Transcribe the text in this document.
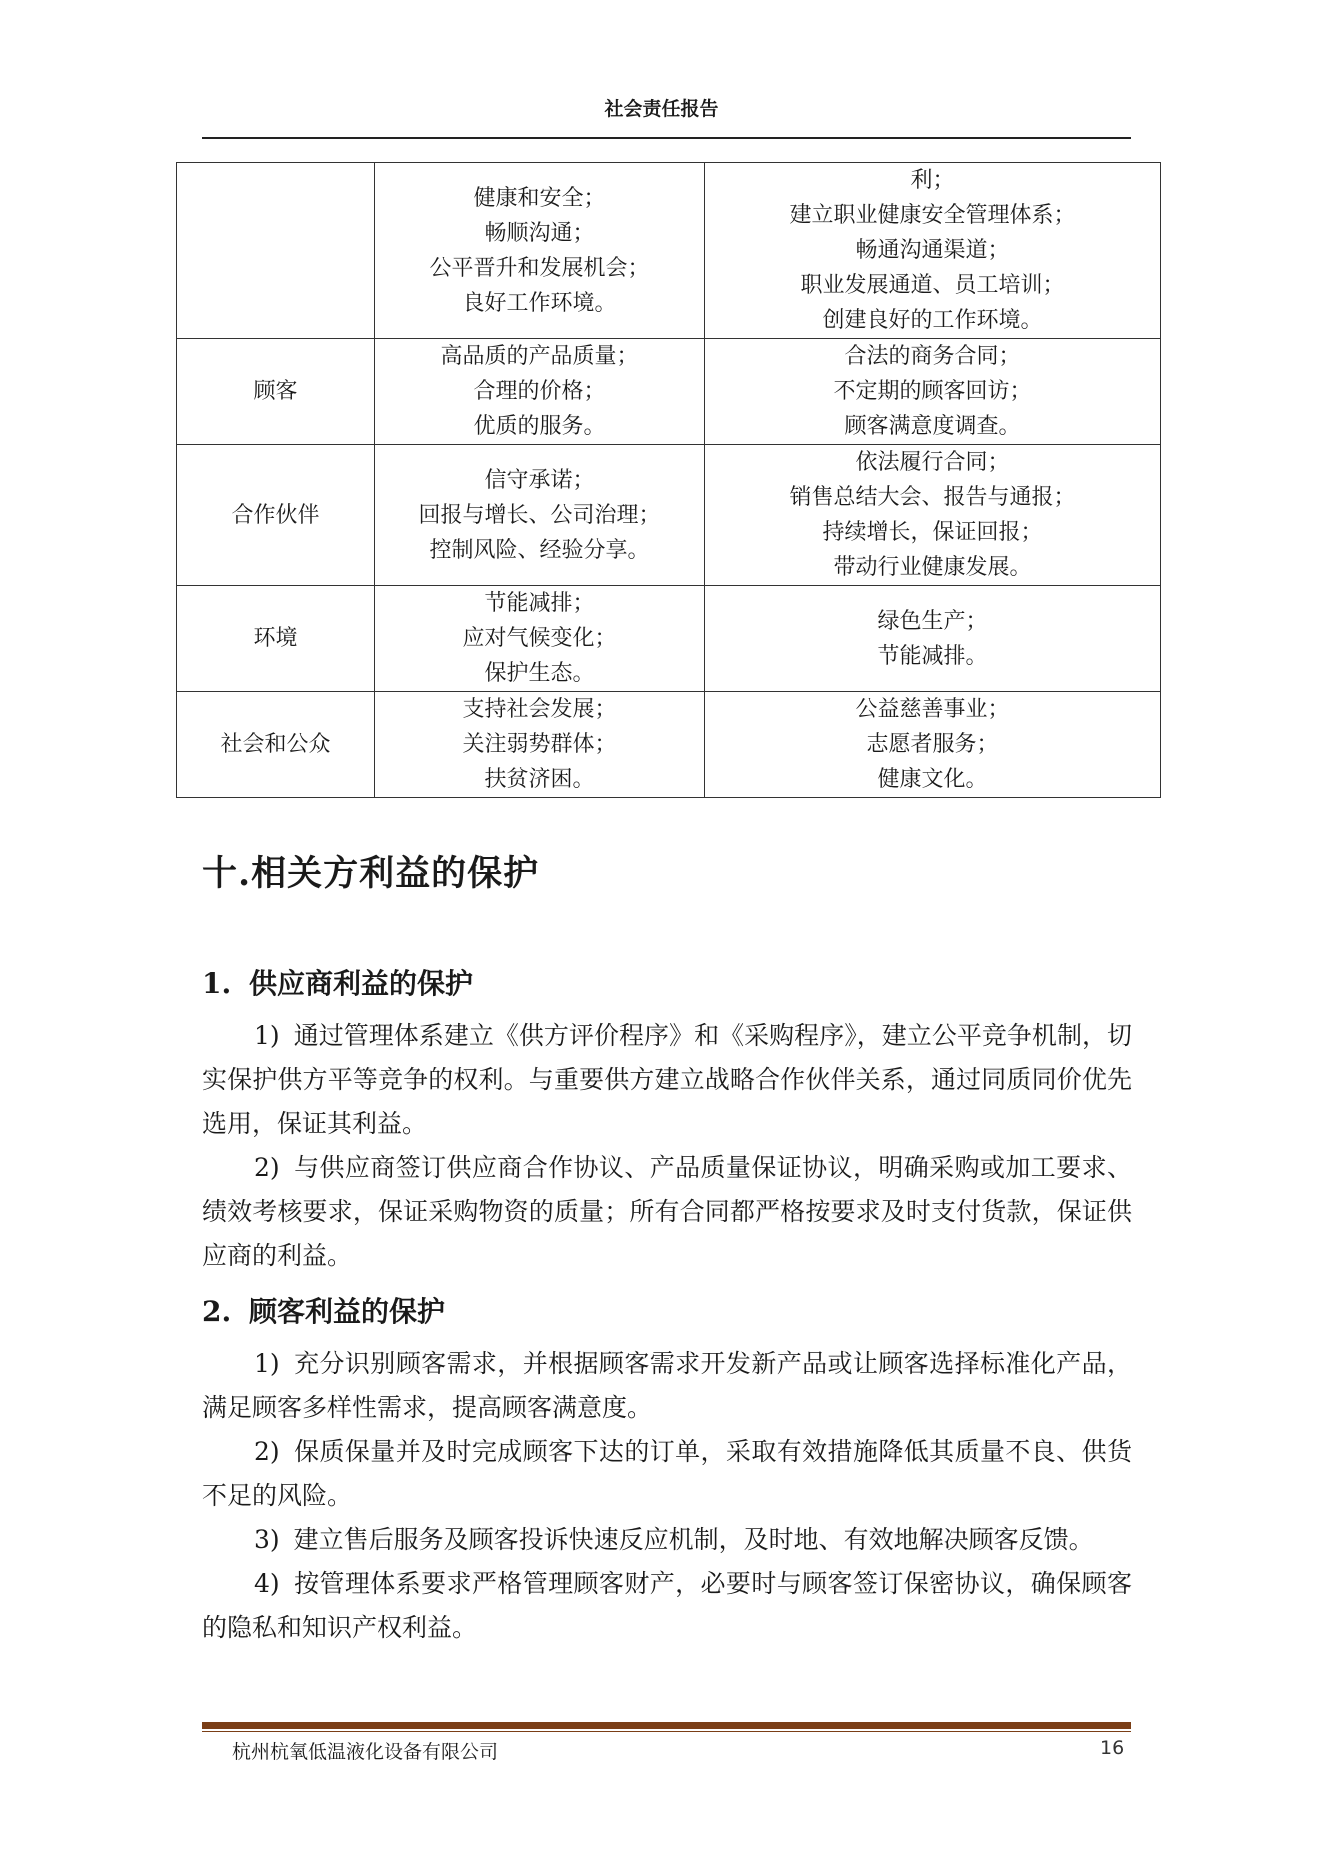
社会责任报告

	健康和安全；
畅顺沟通；
公平晋升和发展机会；
良好工作环境。	利；
建立职业健康安全管理体系；
畅通沟通渠道；
职业发展通道、员工培训；
创建良好的工作环境。

顾客	高品质的产品质量；
合理的价格；
优质的服务。	合法的商务合同；
不定期的顾客回访；
顾客满意度调查。

合作伙伴	信守承诺；
回报与增长、公司治理；
控制风险、经验分享。	依法履行合同；
销售总结大会、报告与通报；
持续增长，保证回报；
带动行业健康发展。

环境	节能减排；
应对气候变化；
保护生态。	绿色生产；
节能减排。

社会和公众	支持社会发展；
关注弱势群体；
扶贫济困。	公益慈善事业；
志愿者服务；
健康文化。
十.相关方利益的保护
1. 供应商利益的保护

1) 通过管理体系建立《供方评价程序》和《采购程序》，建立公平竞争机制，切实保护供方平等竞争的权利。与重要供方建立战略合作伙伴关系，通过同质同价优先选用，保证其利益。

2) 与供应商签订供应商合作协议、产品质量保证协议，明确采购或加工要求、绩效考核要求，保证采购物资的质量；所有合同都严格按要求及时支付货款，保证供应商的利益。

2. 顾客利益的保护

1) 充分识别顾客需求，并根据顾客需求开发新产品或让顾客选择标准化产品，满足顾客多样性需求，提高顾客满意度。

2) 保质保量并及时完成顾客下达的订单，采取有效措施降低其质量不良、供货不足的风险。

3) 建立售后服务及顾客投诉快速反应机制，及时地、有效地解决顾客反馈。

4) 按管理体系要求严格管理顾客财产，必要时与顾客签订保密协议，确保顾客的隐私和知识产权利益。

杭州杭氧低温液化设备有限公司	16
